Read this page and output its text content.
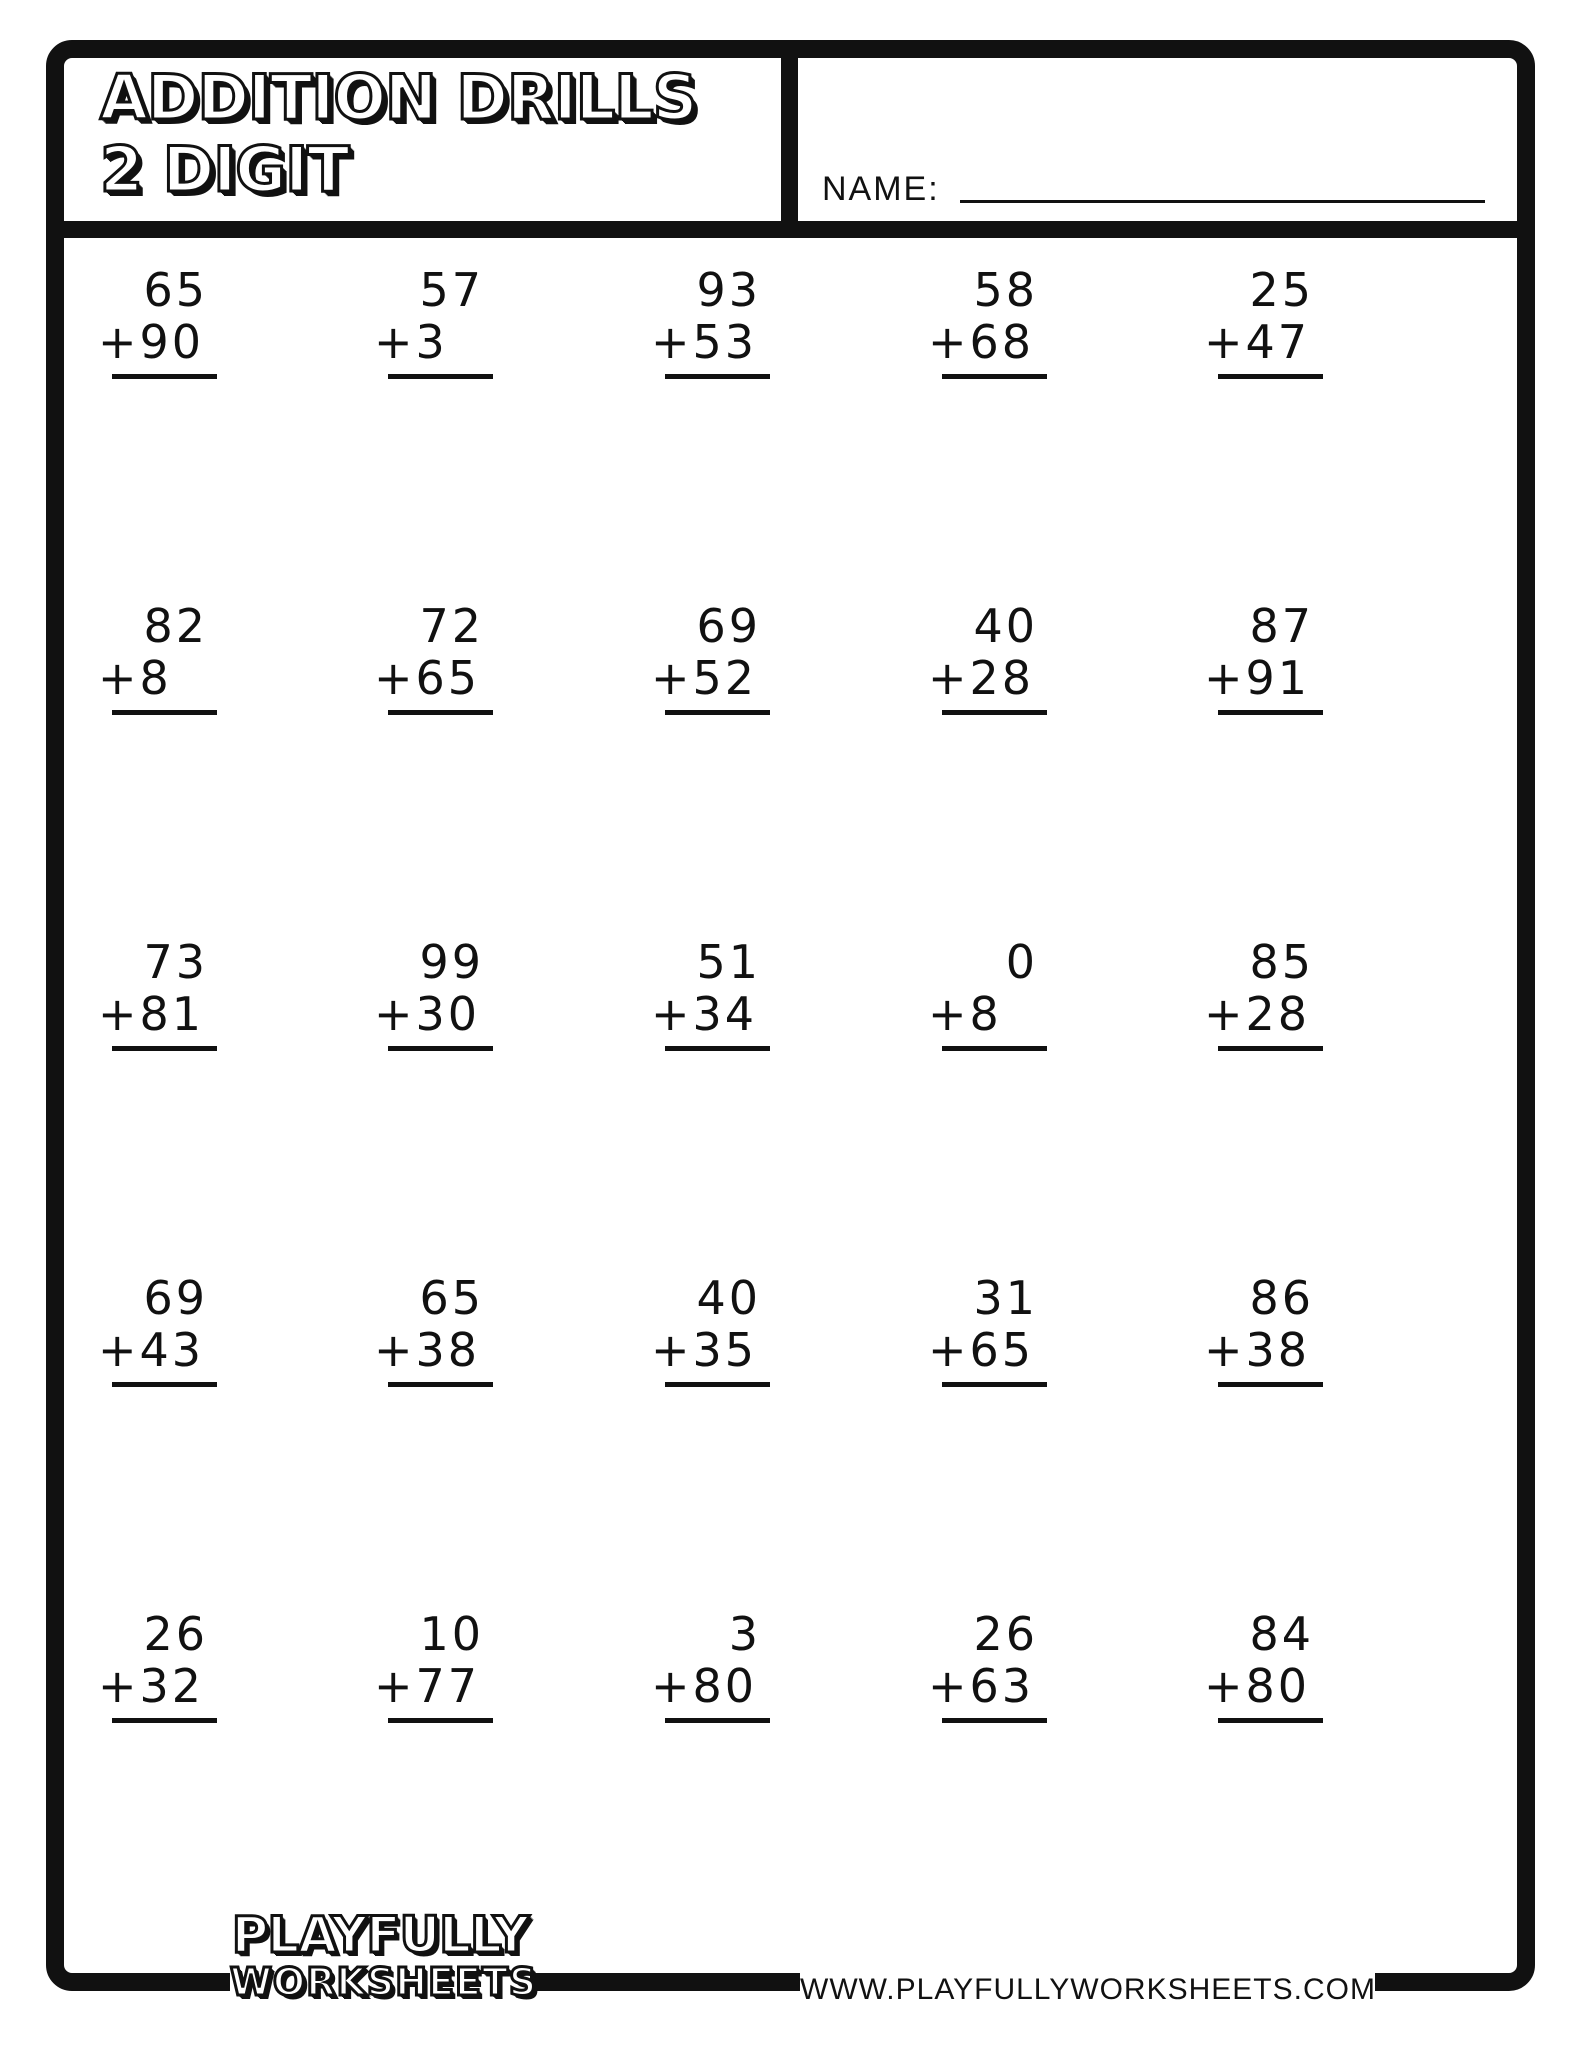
ADDITION DRILLS
2 DIGIT	NAME:
65
+90
57
+3
93
+53
58
+68
25
+47
82
+8
72
+65
69
+52
40
+28
87
+91
73
+81
99
+30
51
+34
0
+8
85
+28
69
+43
65
+38
40
+35
31
+65
86
+38
26
+32
10
+77
3
+80
26
+63
84
+80
PLAYFULLY
WORKSHEETS	WWW.PLAYFULLYWORKSHEETS.COM
